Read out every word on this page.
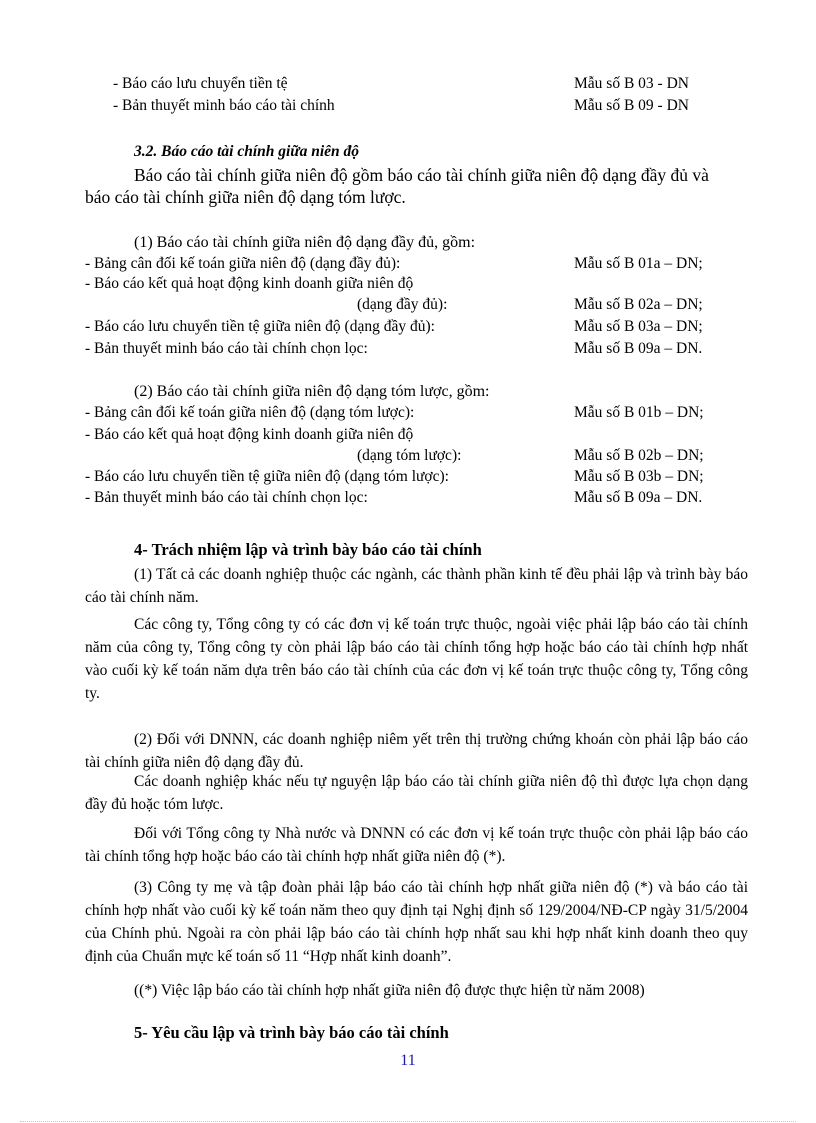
- Báo cáo lưu chuyển tiền tệ	Mẫu số B 03 - DN
- Bản thuyết minh báo cáo tài chính	Mẫu số B 09 - DN
3.2. Báo cáo tài chính giữa niên độ
Báo cáo tài chính giữa niên độ gồm báo cáo tài chính giữa niên độ dạng đầy đủ và
báo cáo tài chính giữa niên độ dạng tóm lược.
(1) Báo cáo tài chính giữa niên độ dạng đầy đủ, gồm:
- Bảng cân đối kế toán giữa niên độ (dạng đầy đủ):	Mẫu số B 01a – DN;
- Báo cáo kết quả hoạt động kinh doanh giữa niên độ
(dạng đầy đủ):	Mẫu số B 02a – DN;
- Báo cáo lưu chuyển tiền tệ giữa niên độ (dạng đầy đủ):	Mẫu số B 03a – DN;
- Bản thuyết minh báo cáo tài chính chọn lọc:	Mẫu số B 09a – DN.
(2) Báo cáo tài chính giữa niên độ dạng tóm lược, gồm:
- Bảng cân đối kế toán giữa niên độ (dạng tóm lược):	Mẫu số B 01b – DN;
- Báo cáo kết quả hoạt động kinh doanh giữa niên độ
(dạng tóm lược):	Mẫu số B 02b – DN;
- Báo cáo lưu chuyển tiền tệ giữa niên độ (dạng tóm lược):	Mẫu số B 03b – DN;
- Bản thuyết minh báo cáo tài chính chọn lọc:	Mẫu số B 09a – DN.
4- Trách nhiệm lập và trình bày báo cáo tài chính
(1) Tất cả các doanh nghiệp thuộc các ngành, các thành phần kinh tế đều phải lập và trình bày báo cáo tài chính năm.
Các công ty, Tổng công ty có các đơn vị kế toán trực thuộc, ngoài việc phải lập báo cáo tài chính năm của công ty, Tổng công ty còn phải lập báo cáo tài chính tổng hợp hoặc báo cáo tài chính hợp nhất vào cuối kỳ kế toán năm dựa trên báo cáo tài chính của các đơn vị kế toán trực thuộc công ty, Tổng công ty.
(2) Đối với DNNN, các doanh nghiệp niêm yết trên thị trường chứng khoán còn phải lập báo cáo tài chính giữa niên độ dạng đầy đủ.
Các doanh nghiệp khác nếu tự nguyện lập báo cáo tài chính giữa niên độ thì được lựa chọn dạng đầy đủ hoặc tóm lược.
Đối với Tổng công ty Nhà nước và DNNN có các đơn vị kế toán trực thuộc còn phải lập báo cáo tài chính tổng hợp hoặc báo cáo tài chính hợp nhất giữa niên độ (*).
(3) Công ty mẹ và tập đoàn phải lập báo cáo tài chính hợp nhất giữa niên độ (*) và báo cáo tài chính hợp nhất vào cuối kỳ kế toán năm theo quy định tại Nghị định số 129/2004/NĐ-CP ngày 31/5/2004 của Chính phủ. Ngoài ra còn phải lập báo cáo tài chính hợp nhất sau khi hợp nhất kinh doanh theo quy định của Chuẩn mực kế toán số 11 “Hợp nhất kinh doanh”.
((*) Việc lập báo cáo tài chính hợp nhất giữa niên độ được thực hiện từ năm 2008)
5- Yêu cầu lập và trình bày báo cáo tài chính
11
